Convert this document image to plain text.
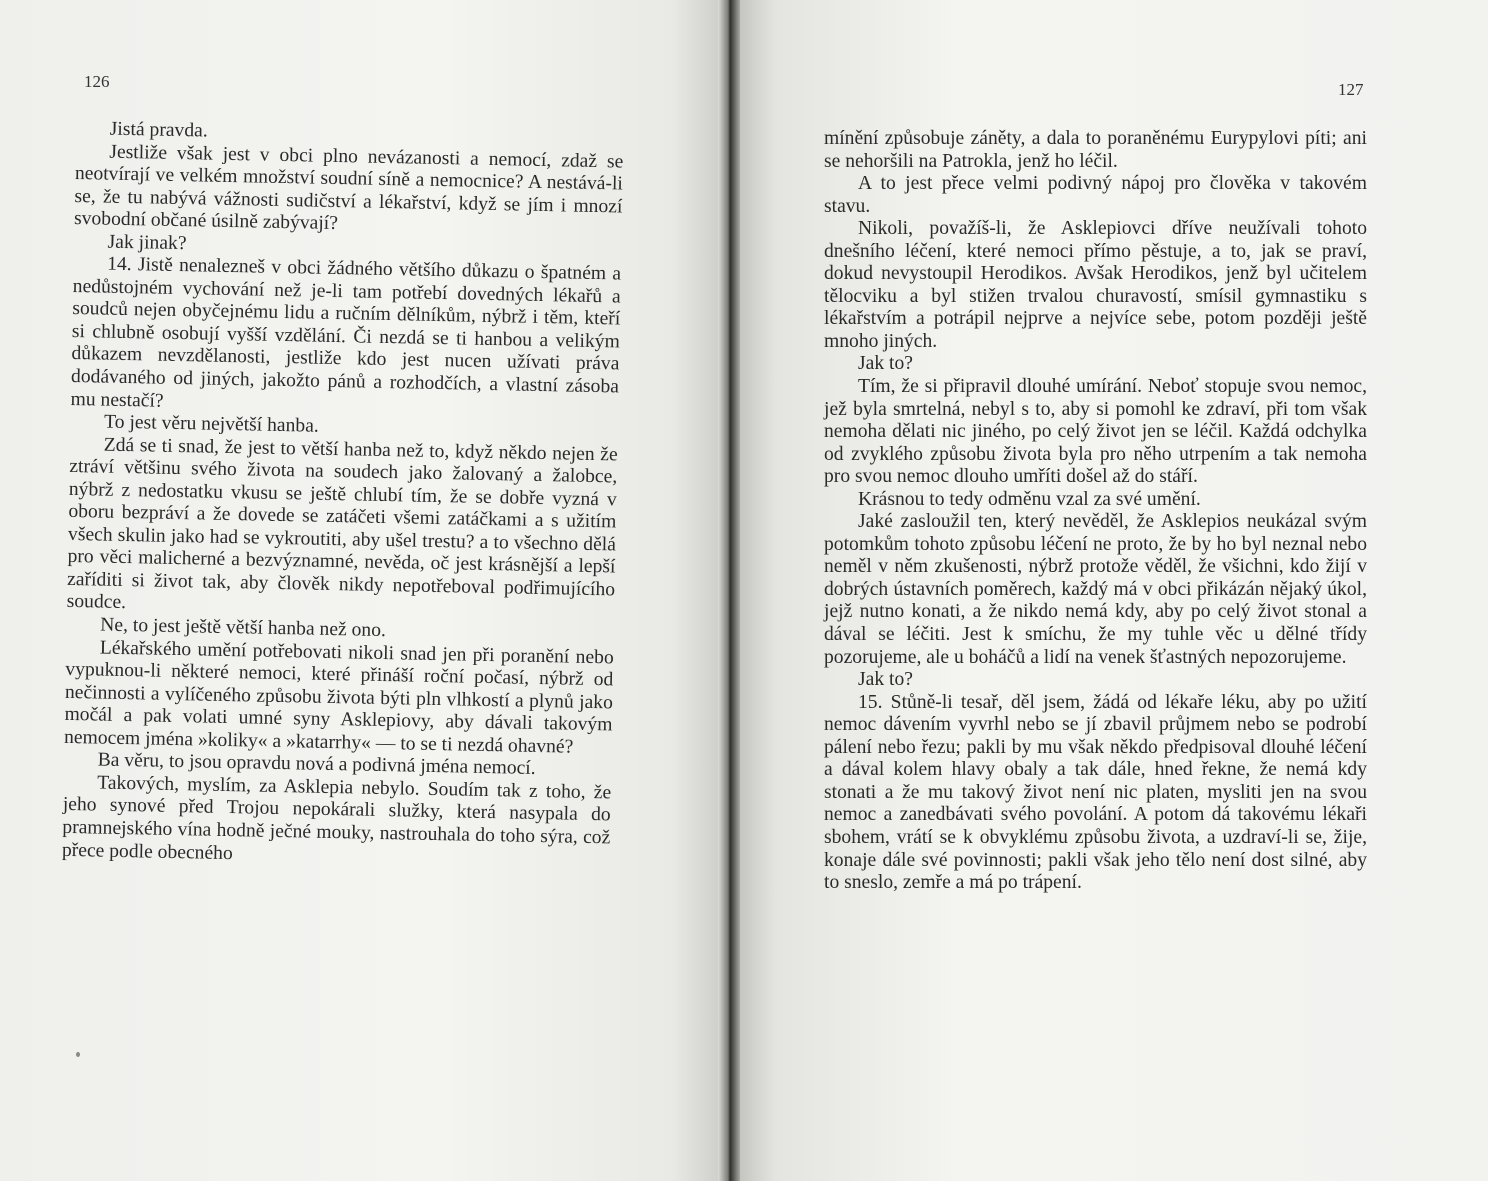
126

Jistá pravda.

Jestliže však jest v obci plno nevázanosti a nemocí, zdaž se neotvírají ve velkém množství soudní síně a nemocnice? A nestává-li se, že tu nabývá vážnosti sudičství a lékařství, když se jím i mnozí svobodní občané úsilně zabývají?

Jak jinak?

14. Jistě nenalezneš v obci žádného většího důkazu o špatném a nedůstojném vychování než je-li tam potřebí dovedných lékařů a soudců nejen obyčejnému lidu a ručním dělníkům, nýbrž i těm, kteří si chlubně osobují vyšší vzdělání. Či nezdá se ti hanbou a velikým důkazem nevzdělanosti, jestliže kdo jest nucen užívati práva dodávaného od jiných, jakožto pánů a rozhodčích, a vlastní zásoba mu nestačí?

To jest věru největší hanba.

Zdá se ti snad, že jest to větší hanba než to, když někdo nejen že ztráví většinu svého života na soudech jako žalovaný a žalobce, nýbrž z nedostatku vkusu se ještě chlubí tím, že se dobře vyzná v oboru bezpráví a že dovede se zatáčeti všemi zatáčkami a s užitím všech skulin jako had se vykroutiti, aby ušel trestu? a to všechno dělá pro věci malicherné a bezvýznamné, nevěda, oč jest krásnější a lepší zaříditi si život tak, aby člověk nikdy nepotřeboval podřimujícího soudce.

Ne, to jest ještě větší hanba než ono.

Lékařského umění potřebovati nikoli snad jen při poranění nebo vypuknou-li některé nemoci, které přináší roční počasí, nýbrž od nečinnosti a vylíčeného způsobu života býti pln vlhkostí a plynů jako močál a pak volati umné syny Asklepiovy, aby dávali takovým nemocem jména »koliky« a »katarrhy« — to se ti nezdá ohavné?

Ba věru, to jsou opravdu nová a podivná jména nemocí.

Takových, myslím, za Asklepia nebylo. Soudím tak z toho, že jeho synové před Trojou nepokárali služky, která nasypala do pramnejského vína hodně ječné mouky, nastrouhala do toho sýra, což přece podle obecného

127

mínění způsobuje záněty, a dala to poraněnému Eurypylovi píti; ani se nehoršili na Patrokla, jenž ho léčil.

A to jest přece velmi podivný nápoj pro člověka v takovém stavu.

Nikoli, považíš-li, že Asklepiovci dříve neužívali tohoto dnešního léčení, které nemoci přímo pěstuje, a to, jak se praví, dokud nevystoupil Herodikos. Avšak Herodikos, jenž byl učitelem tělocviku a byl stižen trvalou churavostí, smísil gymnastiku s lékařstvím a potrápil nejprve a nejvíce sebe, potom později ještě mnoho jiných.

Jak to?

Tím, že si připravil dlouhé umírání. Neboť stopuje svou nemoc, jež byla smrtelná, nebyl s to, aby si pomohl ke zdraví, při tom však nemoha dělati nic jiného, po celý život jen se léčil. Každá odchylka od zvyklého způsobu života byla pro něho utrpením a tak nemoha pro svou nemoc dlouho umříti došel až do stáří.

Krásnou to tedy odměnu vzal za své umění.

Jaké zasloužil ten, který nevěděl, že Asklepios neukázal svým potomkům tohoto způsobu léčení ne proto, že by ho byl neznal nebo neměl v něm zkušenosti, nýbrž protože věděl, že všichni, kdo žijí v dobrých ústavních poměrech, každý má v obci přikázán nějaký úkol, jejž nutno konati, a že nikdo nemá kdy, aby po celý život stonal a dával se léčiti. Jest k smíchu, že my tuhle věc u dělné třídy pozorujeme, ale u boháčů a lidí na venek šťastných nepozorujeme.

Jak to?

15. Stůně-li tesař, děl jsem, žádá od lékaře léku, aby po užití nemoc dávením vyvrhl nebo se jí zbavil průjmem nebo se podrobí pálení nebo řezu; pakli by mu však někdo předpisoval dlouhé léčení a dával kolem hlavy obaly a tak dále, hned řekne, že nemá kdy stonati a že mu takový život není nic platen, mysliti jen na svou nemoc a zanedbávati svého povolání. A potom dá takovému lékaři sbohem, vrátí se k obvyklému způsobu života, a uzdraví-li se, žije, konaje dále své povinnosti; pakli však jeho tělo není dost silné, aby to sneslo, zemře a má po trápení.
